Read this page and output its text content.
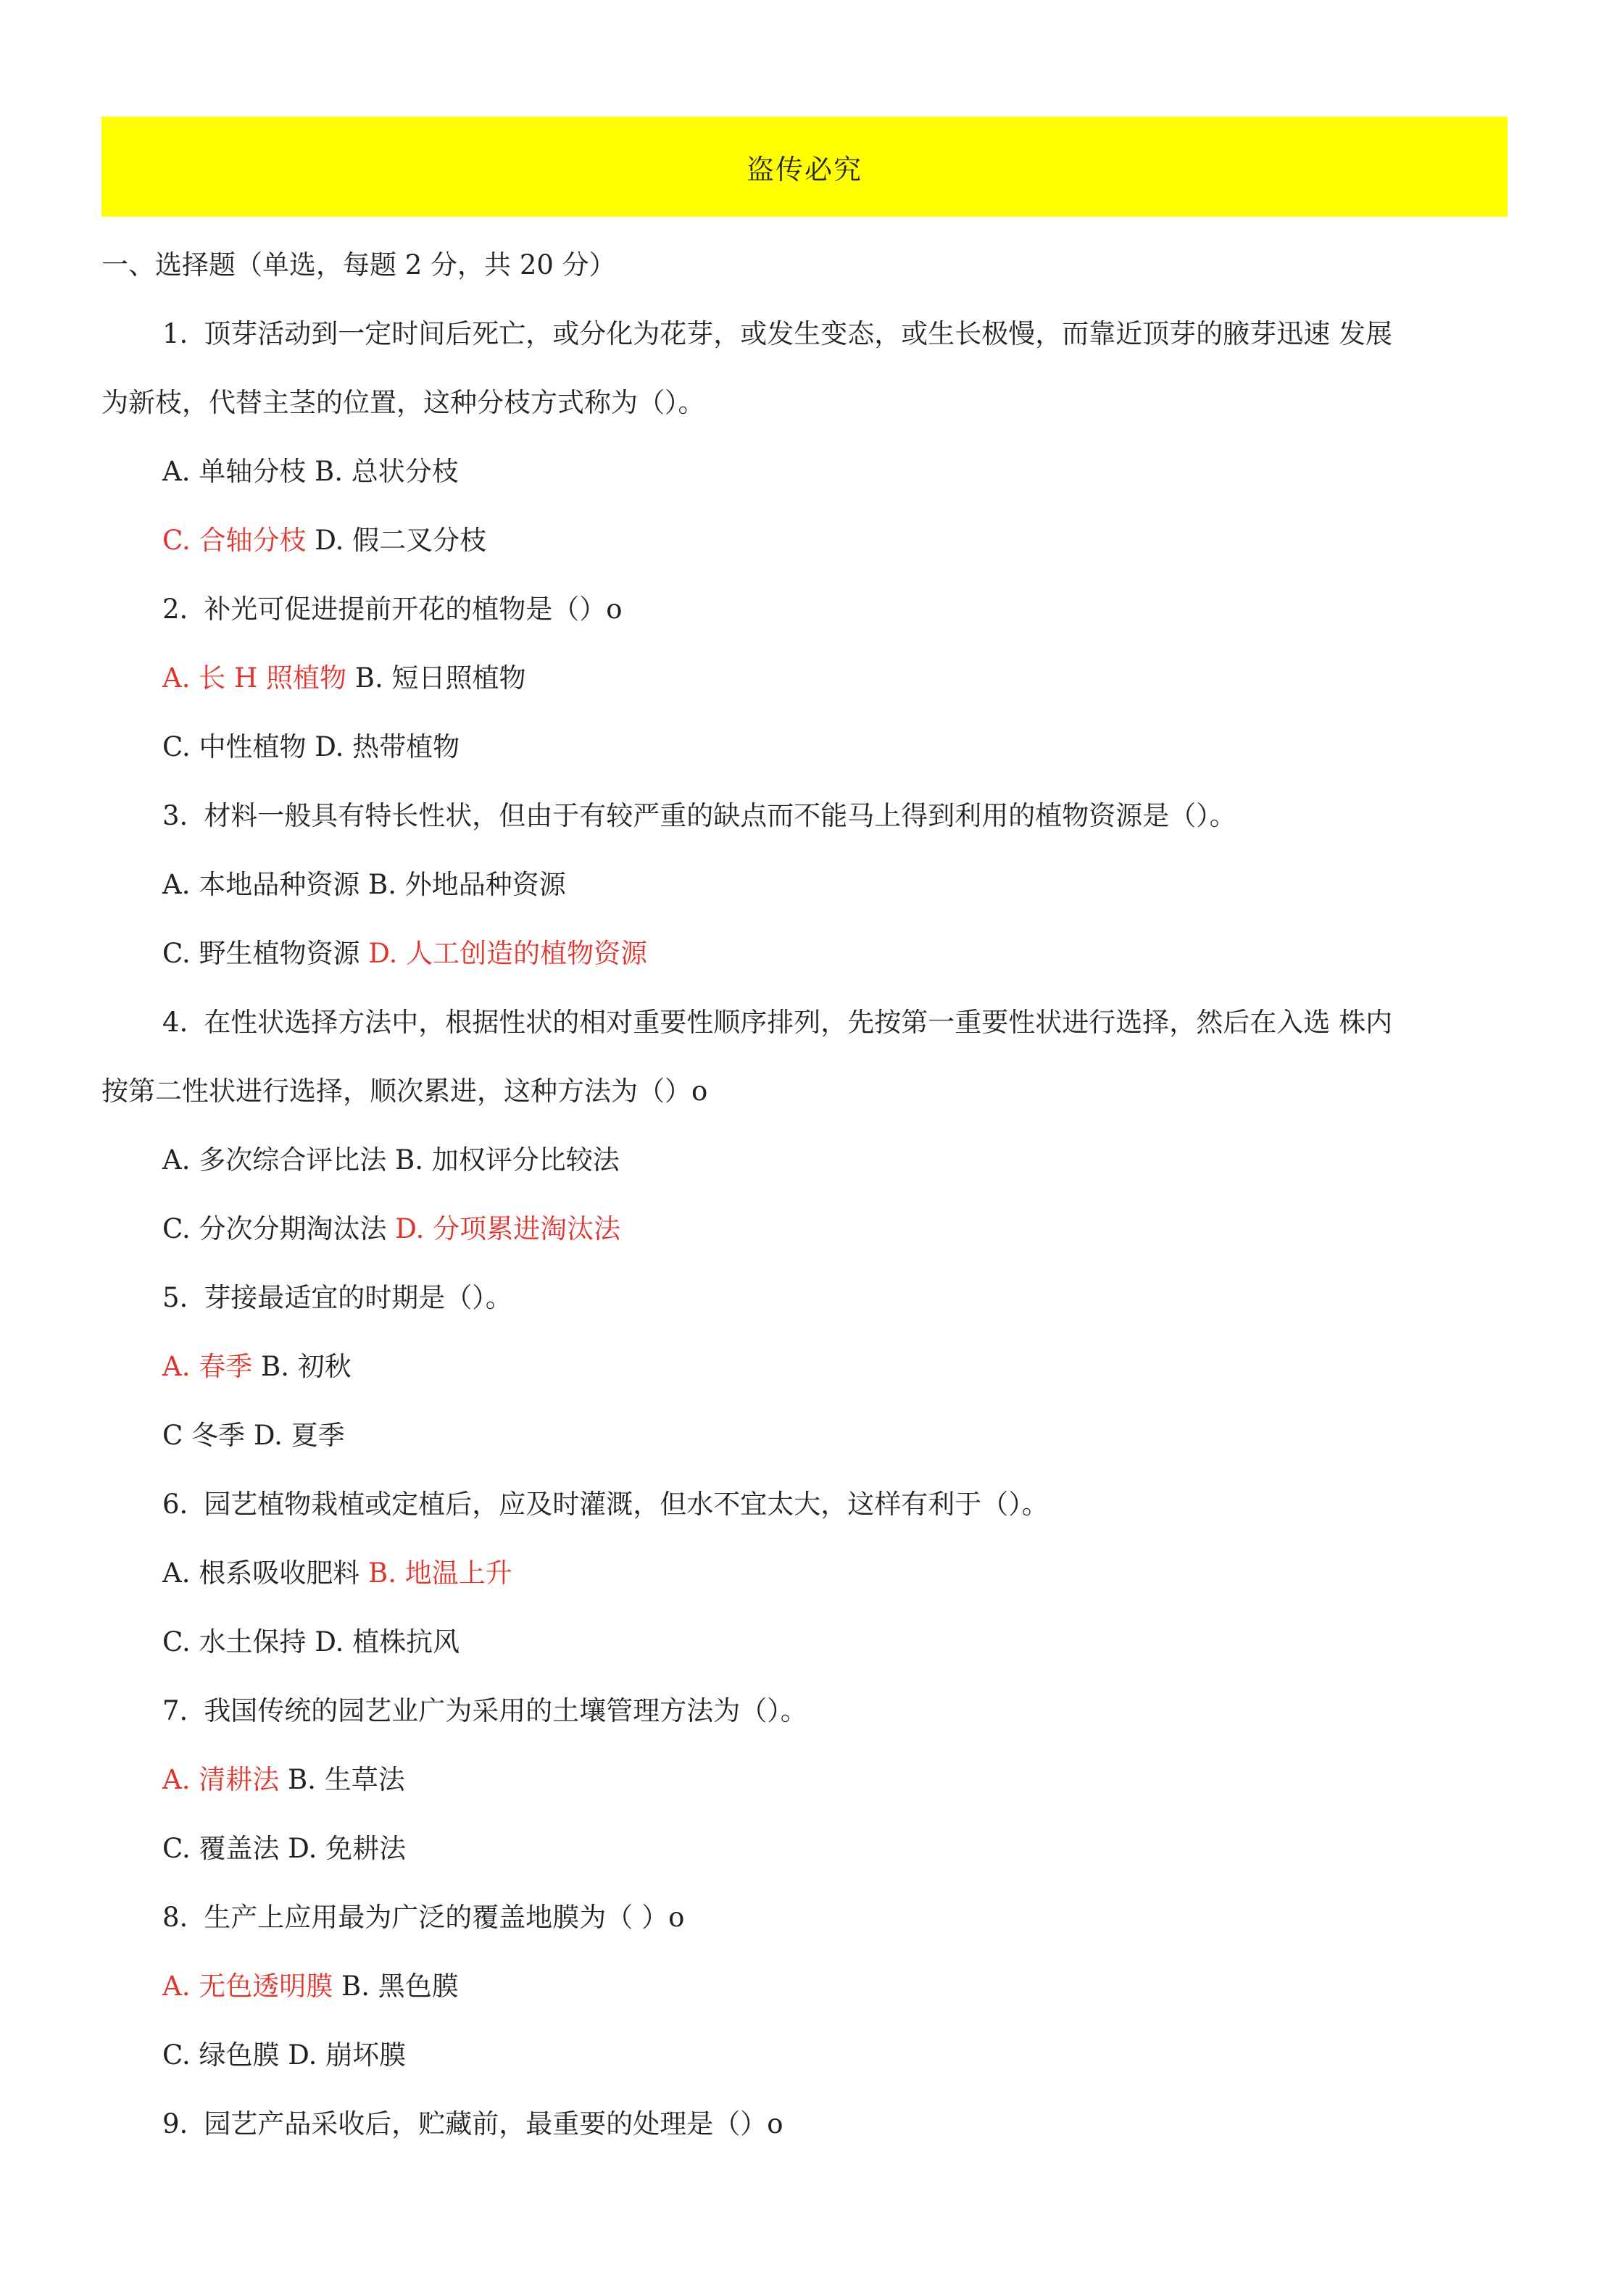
盗传必究
一、选择题（单选，每题 2 分，共 20 分）
1. 顶芽活动到一定时间后死亡，或分化为花芽，或发生变态，或生长极慢，而靠近顶芽的腋芽迅速 发展
为新枝，代替主茎的位置，这种分枝方式称为（）。
A. 单轴分枝 B. 总状分枝
C. 合轴分枝 D. 假二叉分枝
2. 补光可促进提前开花的植物是（）o
A. 长 H 照植物 B. 短日照植物
C. 中性植物 D. 热带植物
3. 材料一般具有特长性状，但由于有较严重的缺点而不能马上得到利用的植物资源是（）。
A. 本地品种资源 B. 外地品种资源
C. 野生植物资源 D. 人工创造的植物资源
4. 在性状选择方法中，根据性状的相对重要性顺序排列，先按第一重要性状进行选择，然后在入选 株内
按第二性状进行选择，顺次累进，这种方法为（）o
A. 多次综合评比法 B. 加权评分比较法
C. 分次分期淘汰法 D. 分项累进淘汰法
5. 芽接最适宜的时期是（）。
A. 春季 B. 初秋
C 冬季 D. 夏季
6. 园艺植物栽植或定植后，应及时灌溉，但水不宜太大，这样有利于（）。
A. 根系吸收肥料 B. 地温上升
C. 水土保持 D. 植株抗风
7. 我国传统的园艺业广为采用的土壤管理方法为（）。
A. 清耕法 B. 生草法
C. 覆盖法 D. 免耕法
8. 生产上应用最为广泛的覆盖地膜为（ ）o
A. 无色透明膜 B. 黑色膜
C. 绿色膜 D. 崩坏膜
9. 园艺产品采收后，贮藏前，最重要的处理是（）o
